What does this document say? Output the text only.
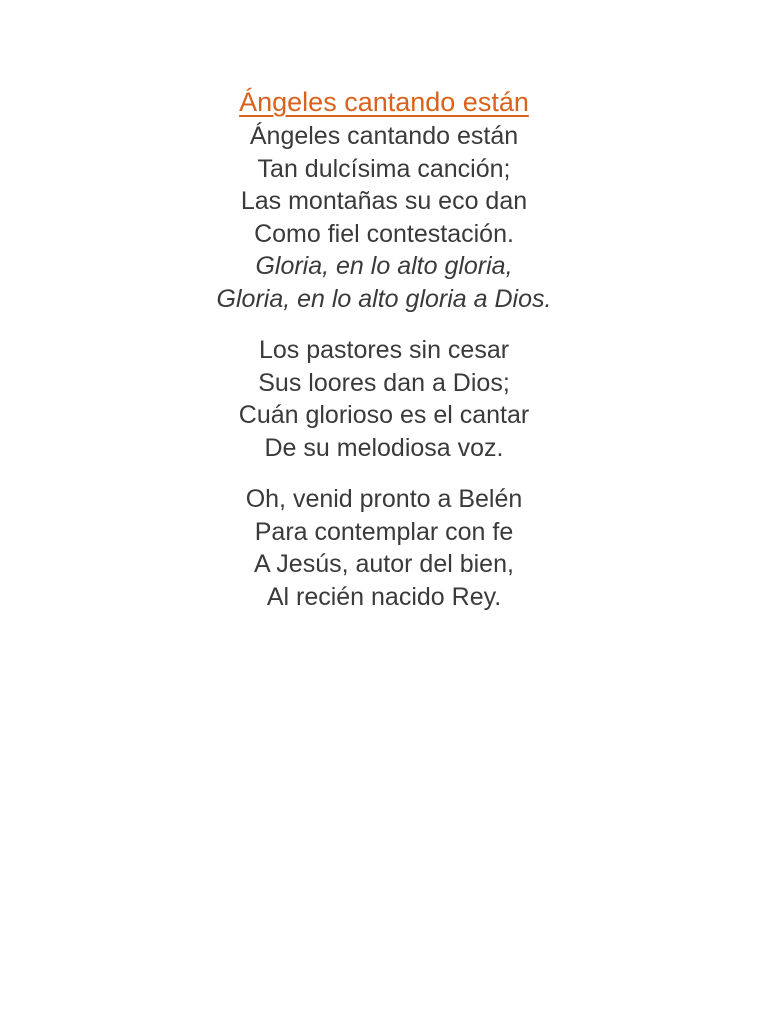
Ángeles cantando están
Ángeles cantando están
Tan dulcísima canción;
Las montañas su eco dan
Como fiel contestación.
Gloria, en lo alto gloria,
Gloria, en lo alto gloria a Dios.
Los pastores sin cesar
Sus loores dan a Dios;
Cuán glorioso es el cantar
De su melodiosa voz.
Oh, venid pronto a Belén
Para contemplar con fe
A Jesús, autor del bien,
Al recién nacido Rey.
